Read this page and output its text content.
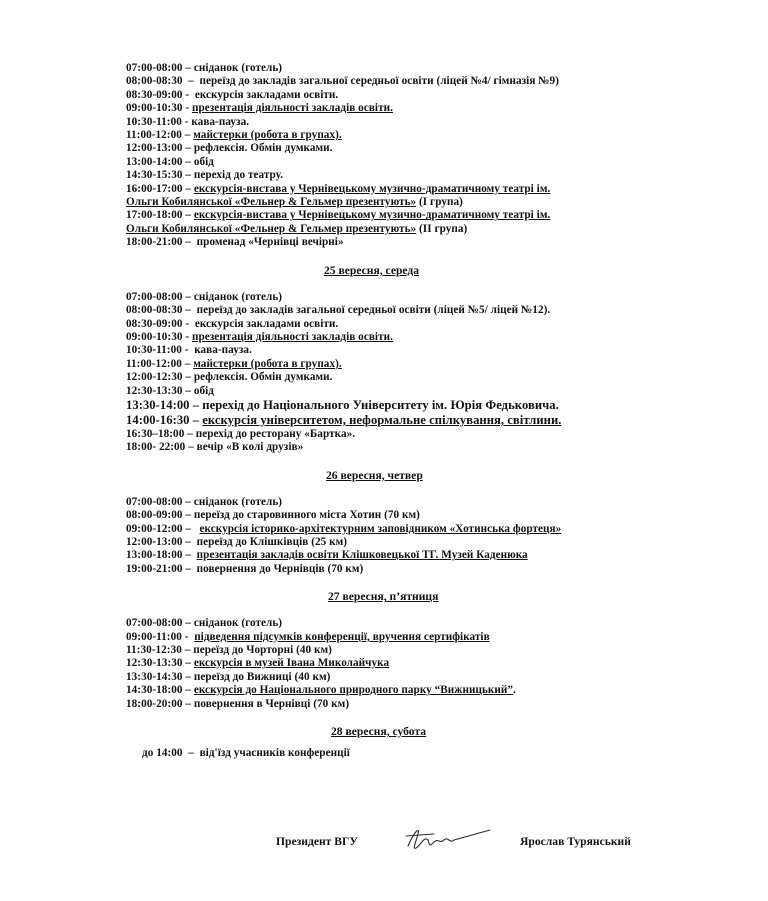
07:00-08:00 – сніданок (готель)
08:00-08:30  –  переїзд до закладів загальної середньої освіти (ліцей №4/ гімназія №9)
08:30-09:00 -  екскурсія закладами освіти.
09:00-10:30 - презентація діяльності закладів освіти.
10:30-11:00 - кава-пауза.
11:00-12:00 – майстерки (робота в групах).
12:00-13:00 – рефлексія. Обмін думками.
13:00-14:00 – обід
14:30-15:30 – перехід до театру.
16:00-17:00 – екскурсія-вистава у Чернівецькому музично-драматичному театрі ім.
Ольги Кобилянської «Фельнер & Гельмер презентують» (І група)
17:00-18:00 – екскурсія-вистава у Чернівецькому музично-драматичному театрі ім.
Ольги Кобилянської «Фельнер & Гельмер презентують» (ІІ група)
18:00-21:00 –  променад «Чернівці вечірні»
25 вересня, середа
07:00-08:00 – сніданок (готель)
08:00-08:30 –  переїзд до закладів загальної середньої освіти (ліцей №5/ ліцей №12).
08:30-09:00 -  екскурсія закладами освіти.
09:00-10:30 - презентація діяльності закладів освіти.
10:30-11:00 -  кава-пауза.
11:00-12:00 – майстерки (робота в групах).
12:00-12:30 – рефлексія. Обмін думками.
12:30-13:30 – обід
13:30-14:00 – перехід до Національного Університету ім. Юрія Федьковича.
14:00-16:30 – екскурсія університетом, неформальне спілкування, світлини.
16:30–18:00 – перехід до ресторану «Бартка».
18:00- 22:00 – вечір «В колі друзів»
26 вересня, четвер
07:00-08:00 – сніданок (готель)
08:00-09:00 – переїзд до старовинного міста Хотин (70 км)
09:00-12:00 –   екскурсія історико-архітектурним заповідником «Хотинська фортеця»
12:00-13:00 –  переїзд до Клішківців (25 км)
13:00-18:00 –  презентація закладів освіти Клішковецької ТГ. Музей Каденюка
19:00-21:00 –  повернення до Чернівців (70 км)
27 вересня, п’ятниця
07:00-08:00 – сніданок (готель)
09:00-11:00 -  підведення підсумків конференції, вручення сертифікатів
11:30-12:30 – переїзд до Чорторні (40 км)
12:30-13:30 – екскурсія в музей Івана Миколайчука
13:30-14:30 – переїзд до Вижниці (40 км)
14:30-18:00 – екскурсія до Національного природного парку “Вижницький”.
18:00-20:00 – повернення в Чернівці (70 км)
28 вересня, субота
до 14:00  –  від'їзд учасників конференції
Президент ВГУ	Ярослав Турянський
